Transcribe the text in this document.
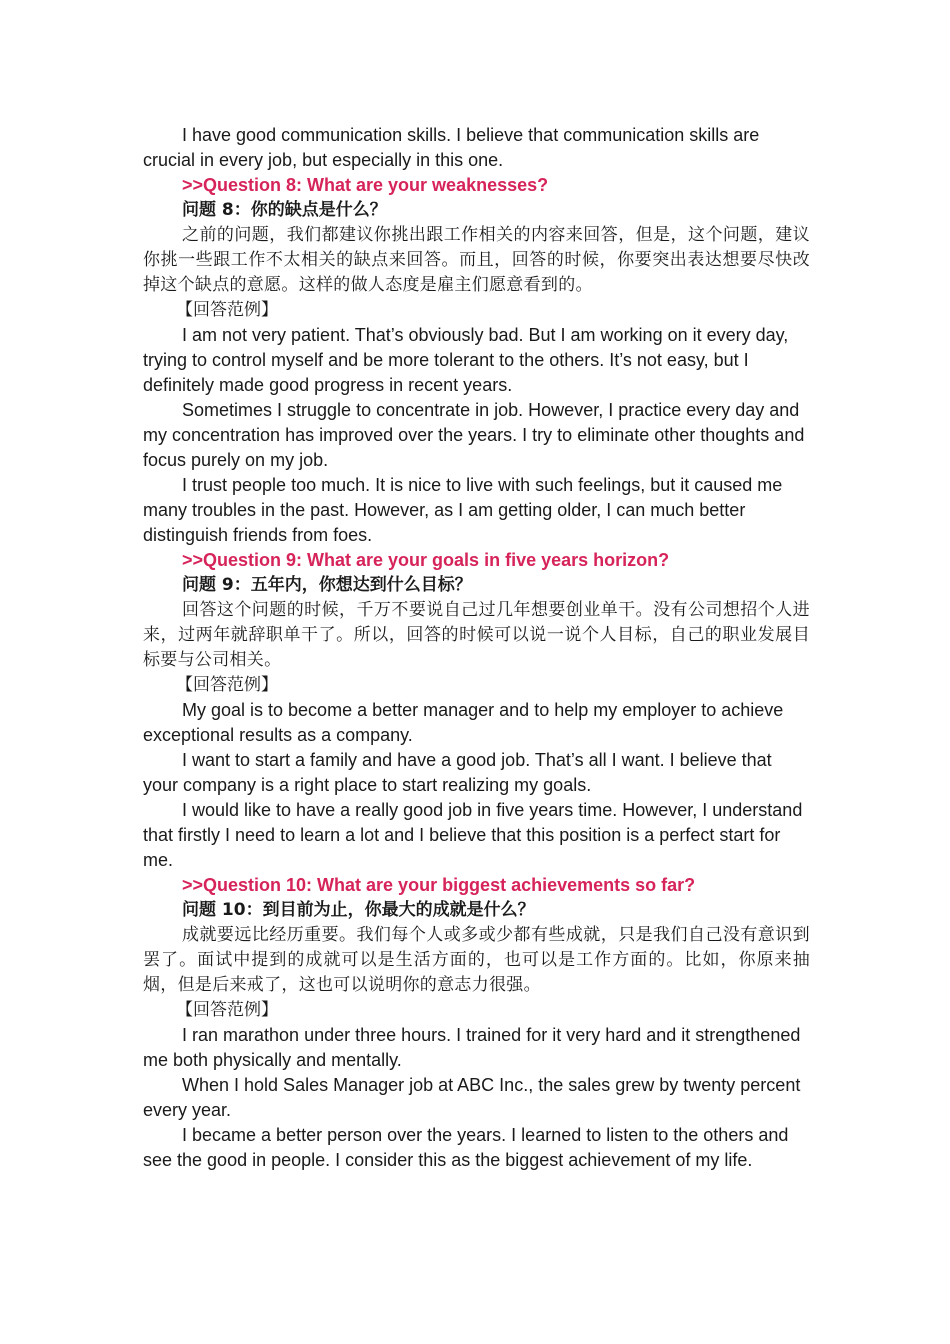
I have good communication skills. I believe that communication skills are crucial in every job, but especially in this one.

>>Question 8: What are your weaknesses?

问题 8：你的缺点是什么？

之前的问题，我们都建议你挑出跟工作相关的内容来回答，但是，这个问题，建议你挑一些跟工作不太相关的缺点来回答。而且，回答的时候，你要突出表达想要尽快改掉这个缺点的意愿。这样的做人态度是雇主们愿意看到的。

【回答范例】

I am not very patient. That’s obviously bad. But I am working on it every day, trying to control myself and be more tolerant to the others. It’s not easy, but I definitely made good progress in recent years.

Sometimes I struggle to concentrate in job. However, I practice every day and my concentration has improved over the years. I try to eliminate other thoughts and focus purely on my job.

I trust people too much. It is nice to live with such feelings, but it caused me many troubles in the past. However, as I am getting older, I can much better distinguish friends from foes.

>>Question 9: What are your goals in five years horizon?

问题 9：五年内，你想达到什么目标？

回答这个问题的时候，千万不要说自己过几年想要创业单干。没有公司想招个人进来，过两年就辞职单干了。所以，回答的时候可以说一说个人目标，自己的职业发展目标要与公司相关。

【回答范例】

My goal is to become a better manager and to help my employer to achieve exceptional results as a company.

I want to start a family and have a good job. That’s all I want. I believe that your company is a right place to start realizing my goals.

I would like to have a really good job in five years time. However, I understand that firstly I need to learn a lot and I believe that this position is a perfect start for me.

>>Question 10: What are your biggest achievements so far?

问题 10：到目前为止，你最大的成就是什么？

成就要远比经历重要。我们每个人或多或少都有些成就，只是我们自己没有意识到罢了。面试中提到的成就可以是生活方面的，也可以是工作方面的。比如，你原来抽烟，但是后来戒了，这也可以说明你的意志力很强。

【回答范例】

I ran marathon under three hours. I trained for it very hard and it strengthened me both physically and mentally.

When I hold Sales Manager job at ABC Inc., the sales grew by twenty percent every year.

I became a better person over the years. I learned to listen to the others and see the good in people. I consider this as the biggest achievement of my life.
